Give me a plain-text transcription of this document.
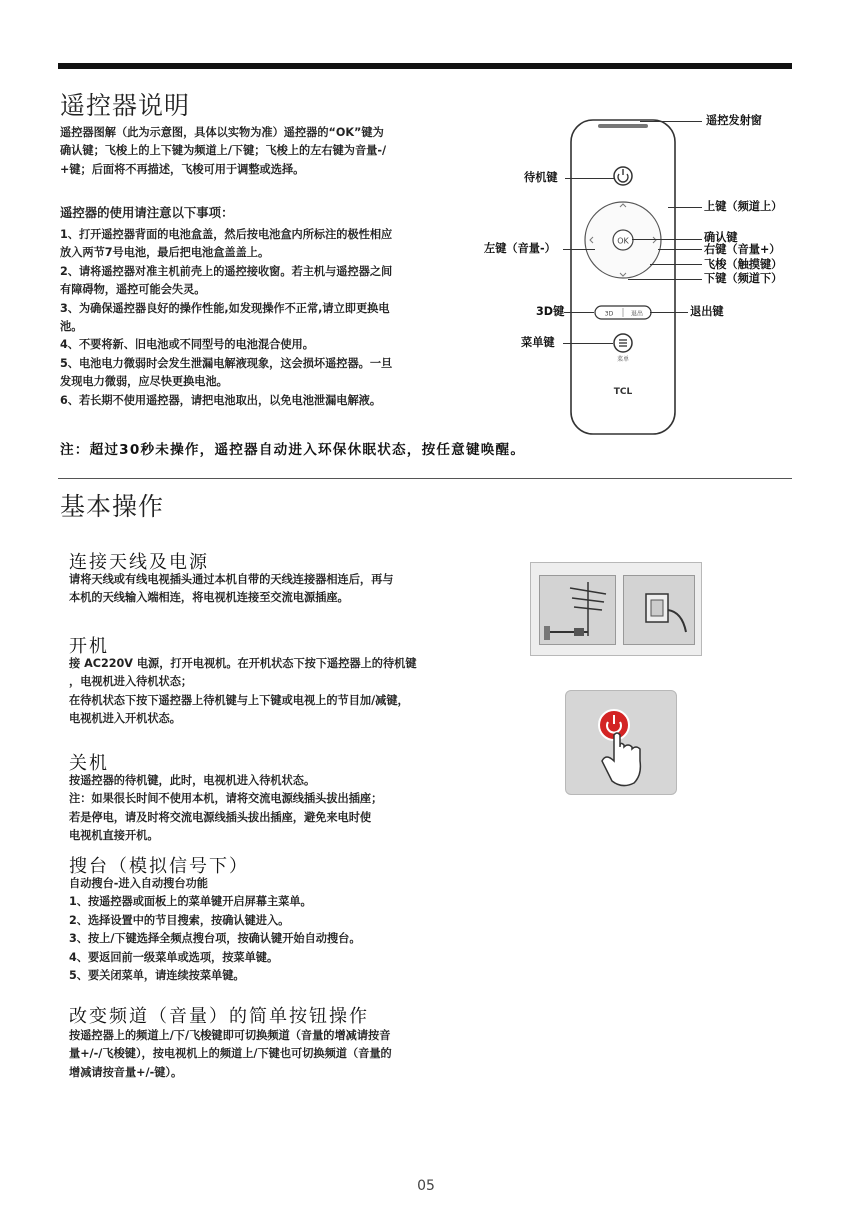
遥控器说明
遥控器图解（此为示意图，具体以实物为准）遥控器的“OK”键为
确认键；飞梭上的上下键为频道上/下键；飞梭上的左右键为音量-/
+键；后面将不再描述，飞梭可用于调整或选择。
遥控器的使用请注意以下事项：
1、打开遥控器背面的电池盒盖，然后按电池盒内所标注的极性相应
放入两节7号电池，最后把电池盒盖盖上。
2、请将遥控器对准主机前壳上的遥控接收窗。若主机与遥控器之间
有障碍物，遥控可能会失灵。
3、为确保遥控器良好的操作性能,如发现操作不正常,请立即更换电
池。
4、不要将新、旧电池或不同型号的电池混合使用。
5、电池电力微弱时会发生泄漏电解液现象，这会损坏遥控器。一旦
发现电力微弱，应尽快更换电池。
6、若长期不使用遥控器，请把电池取出，以免电池泄漏电解液。
OK
3D	退出
菜单
TCL
遥控发射窗
上键（频道上）
确认键
右键（音量+）
飞梭（触摸键）
下键（频道下）
退出键
待机键
左键（音量-）
3D键
菜单键
注：超过30秒未操作，遥控器自动进入环保休眠状态，按任意键唤醒。
基本操作
连接天线及电源
请将天线或有线电视插头通过本机自带的天线连接器相连后，再与
本机的天线输入端相连，将电视机连接至交流电源插座。
开机
接 AC220V 电源，打开电视机。在开机状态下按下遥控器上的待机键
，电视机进入待机状态；
在待机状态下按下遥控器上待机键与上下键或电视上的节目加/减键，
电视机进入开机状态。
关机
按遥控器的待机键，此时，电视机进入待机状态。
注：如果很长时间不使用本机，请将交流电源线插头拔出插座；
若是停电，请及时将交流电源线插头拔出插座，避免来电时使
电视机直接开机。
搜台（模拟信号下）
自动搜台-进入自动搜台功能
1、按遥控器或面板上的菜单键开启屏幕主菜单。
2、选择设置中的节目搜索，按确认键进入。
3、按上/下键选择全频点搜台项，按确认键开始自动搜台。
4、要返回前一级菜单或选项，按菜单键。
5、要关闭菜单，请连续按菜单键。
改变频道（音量）的简单按钮操作
按遥控器上的频道上/下/飞梭键即可切换频道（音量的增减请按音
量+/-/飞梭键），按电视机上的频道上/下键也可切换频道（音量的
增减请按音量+/-键）。
05
